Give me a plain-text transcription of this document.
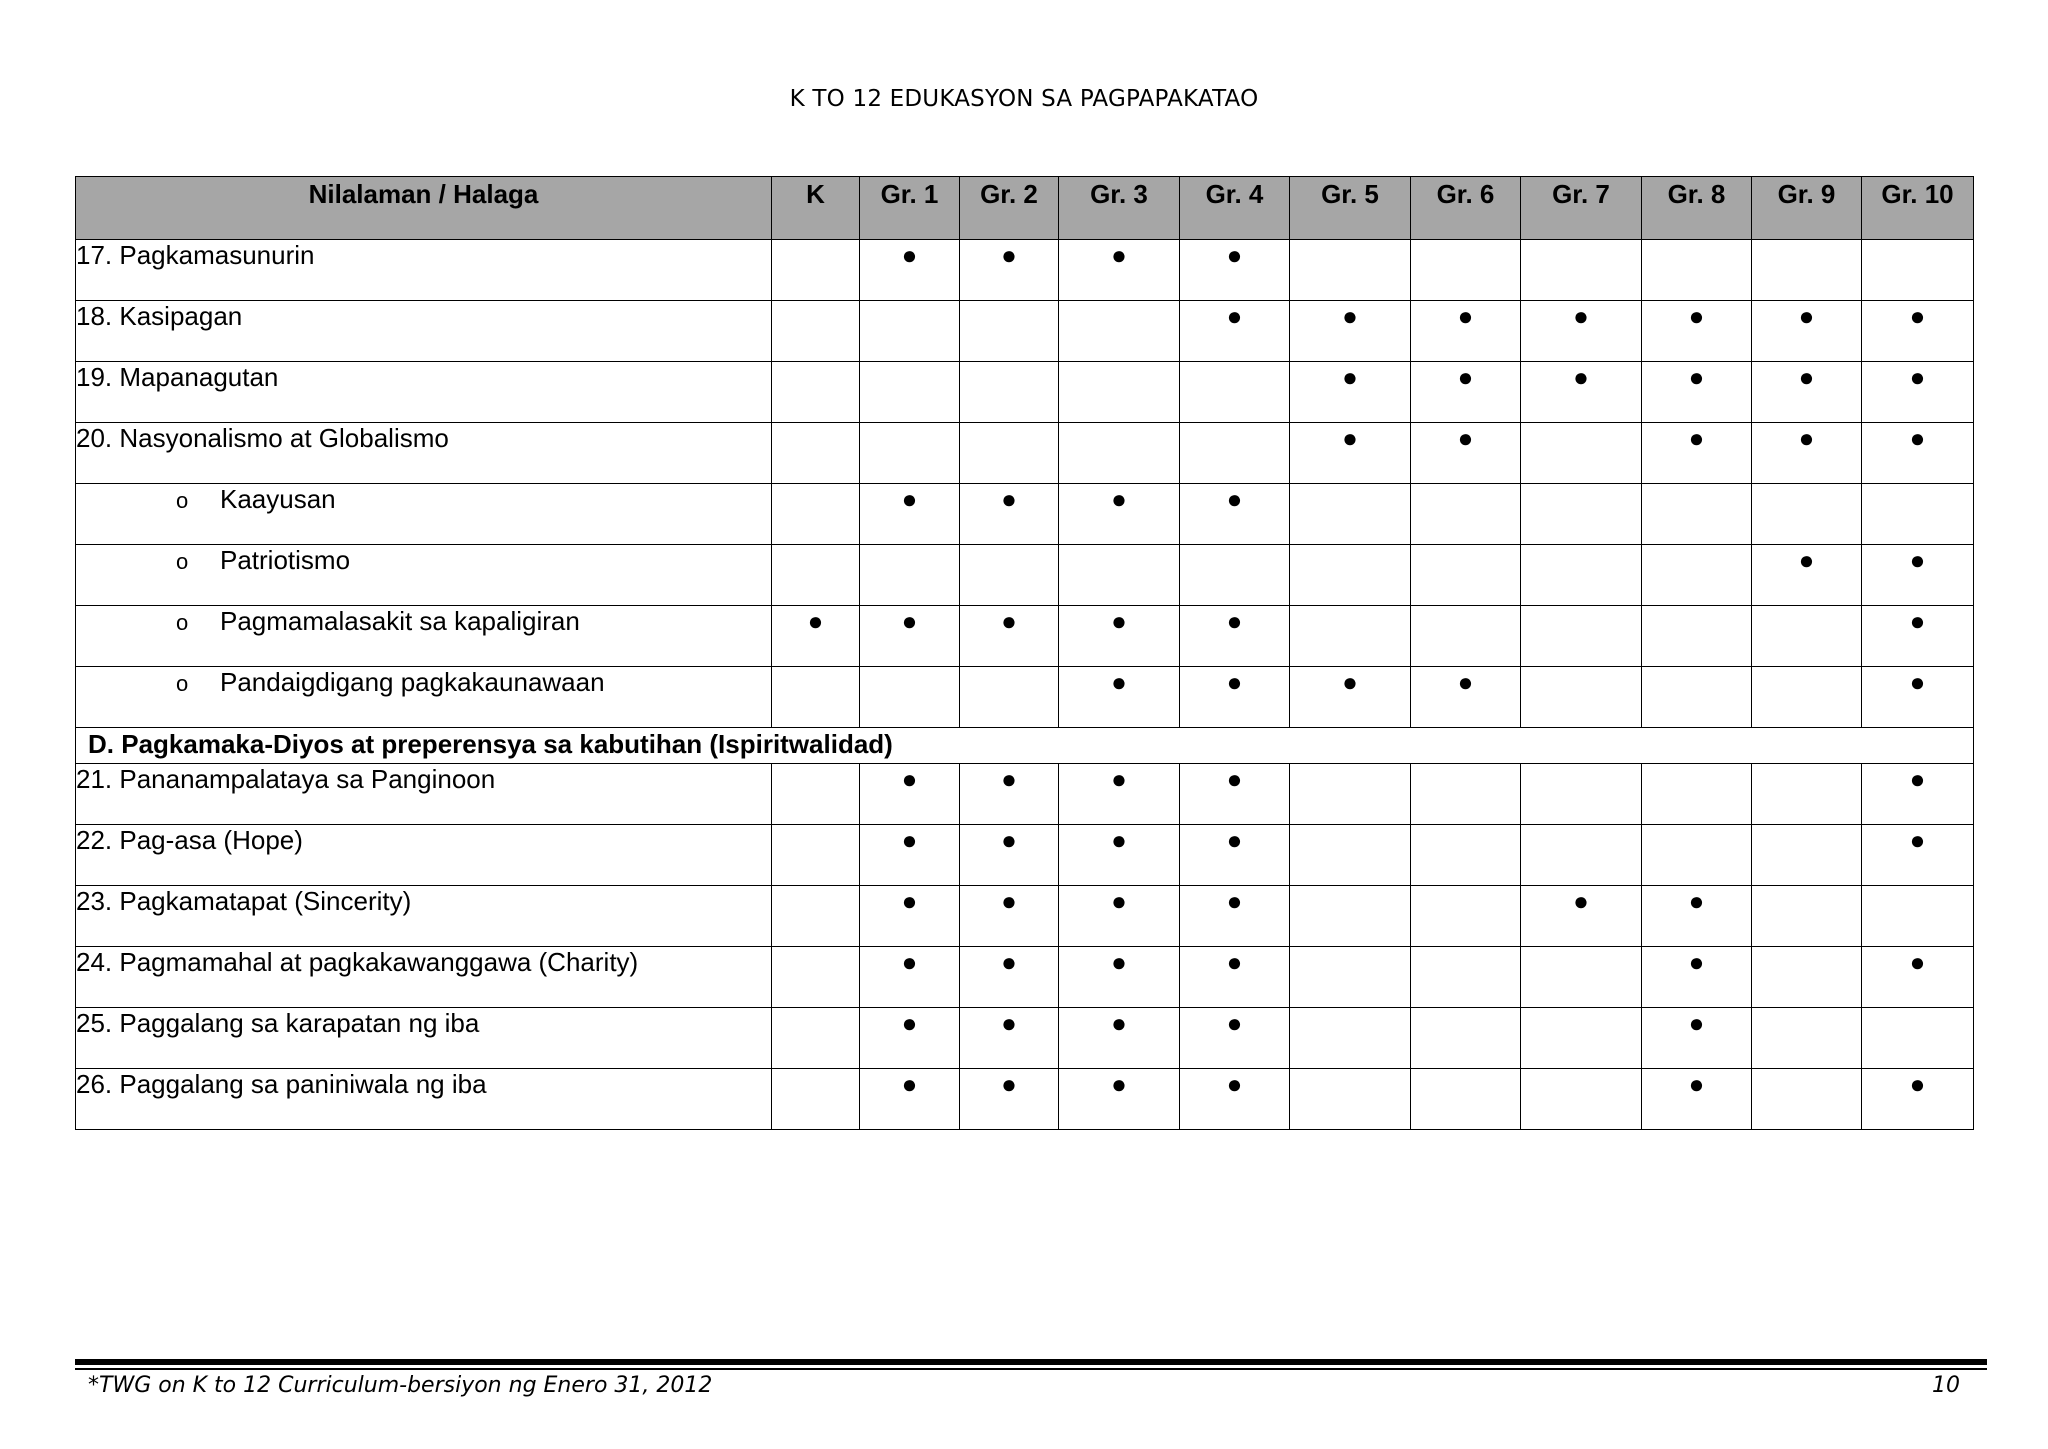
K TO 12 EDUKASYON SA PAGPAPAKATAO
Nilalaman / Halaga	K	Gr. 1	Gr. 2	Gr. 3	Gr. 4	Gr. 5	Gr. 6	Gr. 7	Gr. 8	Gr. 9	Gr. 10
17. Pagkamasunurin		●	●	●	●						
18. Kasipagan					●	●	●	●	●	●	●
19. Mapanagutan						●	●	●	●	●	●
20. Nasyonalismo at Globalismo						●	●		●	●	●
o Kaayusan		●	●	●	●						
o Patriotismo										●	●
o Pagmamalasakit sa kapaligiran	●	●	●	●	●						●
o Pandaigdigang pagkakaunawaan				●	●	●	●				●
D. Pagkamaka-Diyos at preperensya sa kabutihan (Ispiritwalidad)											
21. Pananampalataya sa Panginoon		●	●	●	●						●
22. Pag-asa (Hope)		●	●	●	●						●
23. Pagkamatapat (Sincerity)		●	●	●	●			●	●		
24. Pagmamahal at pagkakawanggawa (Charity)		●	●	●	●				●		●
25. Paggalang sa karapatan ng iba		●	●	●	●				●		
26. Paggalang sa paniniwala ng iba		●	●	●	●				●		●
*TWG on K to 12 Curriculum-bersiyon ng Enero 31, 2012	10
